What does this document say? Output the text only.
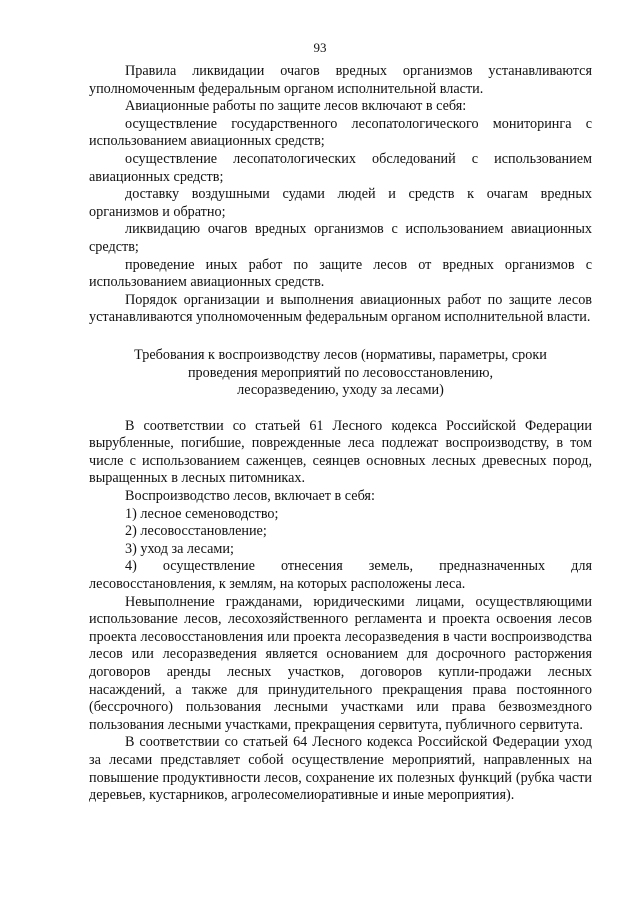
93

Правила ликвидации очагов вредных организмов устанавливаются уполномоченным федеральным органом исполнительной власти.

Авиационные работы по защите лесов включают в себя:

осуществление государственного лесопатологического мониторинга с использованием авиационных средств;

осуществление лесопатологических обследований с использованием авиационных средств;

доставку воздушными судами людей и средств к очагам вредных организмов и обратно;

ликвидацию очагов вредных организмов с использованием авиационных средств;

проведение иных работ по защите лесов от вредных организмов с использованием авиационных средств.

Порядок организации и выполнения авиационных работ по защите лесов устанавливаются уполномоченным федеральным органом исполнительной власти.

Требования к воспроизводству лесов (нормативы, параметры, сроки
проведения мероприятий по лесовосстановлению,
лесоразведению, уходу за лесами)

В соответствии со статьей 61 Лесного кодекса Российской Федерации вырубленные, погибшие, поврежденные леса подлежат воспроизводству, в том числе с использованием саженцев, сеянцев основных лесных древесных пород, выращенных в лесных питомниках.

Воспроизводство лесов, включает в себя:

1) лесное семеноводство;

2) лесовосстановление;

3) уход за лесами;

4) осуществление отнесения земель, предназначенных для лесовосстановления, к землям, на которых расположены леса.

Невыполнение гражданами, юридическими лицами, осуществляющими использование лесов, лесохозяйственного регламента и проекта освоения лесов проекта лесовосстановления или проекта лесоразведения в части воспроизводства лесов или лесоразведения является основанием для досрочного расторжения договоров аренды лесных участков, договоров купли-продажи лесных насаждений, а также для принудительного прекращения права постоянного (бессрочного) пользования лесными участками или права безвозмездного пользования лесными участками, прекращения сервитута, публичного сервитута.

В соответствии со статьей 64 Лесного кодекса Российской Федерации уход за лесами представляет собой осуществление мероприятий, направленных на повышение продуктивности лесов, сохранение их полезных функций (рубка части деревьев, кустарников, агролесомелиоративные и иные мероприятия).
